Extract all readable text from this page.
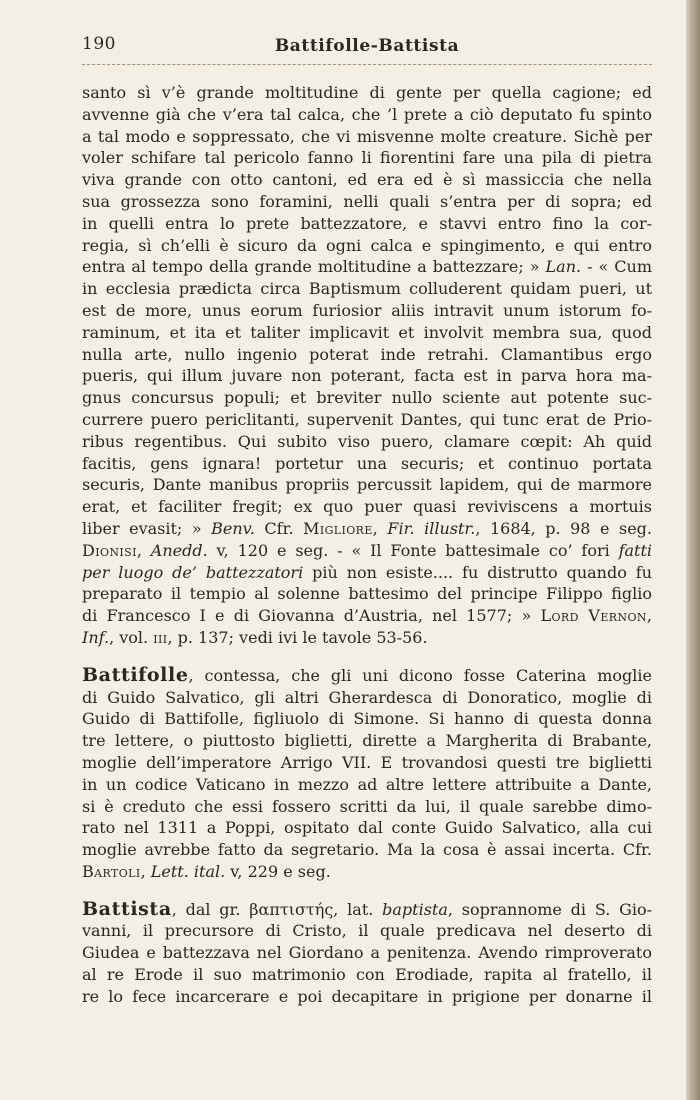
190	Battifolle-Battista
santo sì v’è grande moltitudine di gente per quella cagione; ed
avvenne già che v’era tal calca, che ’l prete a ciò deputato fu spinto
a tal modo e soppressato, che vi misvenne molte creature. Sichè per
voler schifare tal pericolo fanno li fiorentini fare una pila di pietra
viva grande con otto cantoni, ed era ed è sì massiccia che nella
sua grossezza sono foramini, nelli quali s’entra per di sopra; ed
in quelli entra lo prete battezzatore, e stavvi entro fino la cor-
regia, sì ch’elli è sicuro da ogni calca e spingimento, e qui entro
entra al tempo della grande moltitudine a battezzare; » Lan. - « Cum
in ecclesia prædicta circa Baptismum colluderent quidam pueri, ut
est de more, unus eorum furiosior aliis intravit unum istorum fo-
raminum, et ita et taliter implicavit et involvit membra sua, quod
nulla arte, nullo ingenio poterat inde retrahi. Clamantibus ergo
pueris, qui illum juvare non poterant, facta est in parva hora ma-
gnus concursus populi; et breviter nullo sciente aut potente suc-
currere puero periclitanti, supervenit Dantes, qui tunc erat de Prio-
ribus regentibus. Qui subito viso puero, clamare cœpit: Ah quid
facitis, gens ignara! portetur una securis; et continuo portata
securis, Dante manibus propriis percussit lapidem, qui de marmore
erat, et faciliter fregit; ex quo puer quasi reviviscens a mortuis
liber evasit; » Benv. Cfr. Migliore, Fir. illustr., 1684, p. 98 e seg.
Dionisi, Anedd. v, 120 e seg. - « Il Fonte battesimale co’ fori fatti
per luogo de’ battezzatori più non esiste.... fu distrutto quando fu
preparato il tempio al solenne battesimo del principe Filippo figlio
di Francesco I e di Giovanna d’Austria, nel 1577; » Lord Vernon,
Inf., vol. iii, p. 137; vedi ivi le tavole 53-56.
Battifolle, contessa, che gli uni dicono fosse Caterina moglie
di Guido Salvatico, gli altri Gherardesca di Donoratico, moglie di
Guido di Battifolle, figliuolo di Simone. Si hanno di questa donna
tre lettere, o piuttosto biglietti, dirette a Margherita di Brabante,
moglie dell’imperatore Arrigo VII. E trovandosi questi tre biglietti
in un codice Vaticano in mezzo ad altre lettere attribuite a Dante,
si è creduto che essi fossero scritti da lui, il quale sarebbe dimo-
rato nel 1311 a Poppi, ospitato dal conte Guido Salvatico, alla cui
moglie avrebbe fatto da segretario. Ma la cosa è assai incerta. Cfr.
Bartoli, Lett. ital. v, 229 e seg.
Battista, dal gr. βαπτιστής, lat. baptista, soprannome di S. Gio-
vanni, il precursore di Cristo, il quale predicava nel deserto di
Giudea e battezzava nel Giordano a penitenza. Avendo rimproverato
al re Erode il suo matrimonio con Erodiade, rapita al fratello, il
re lo fece incarcerare e poi decapitare in prigione per donarne il
